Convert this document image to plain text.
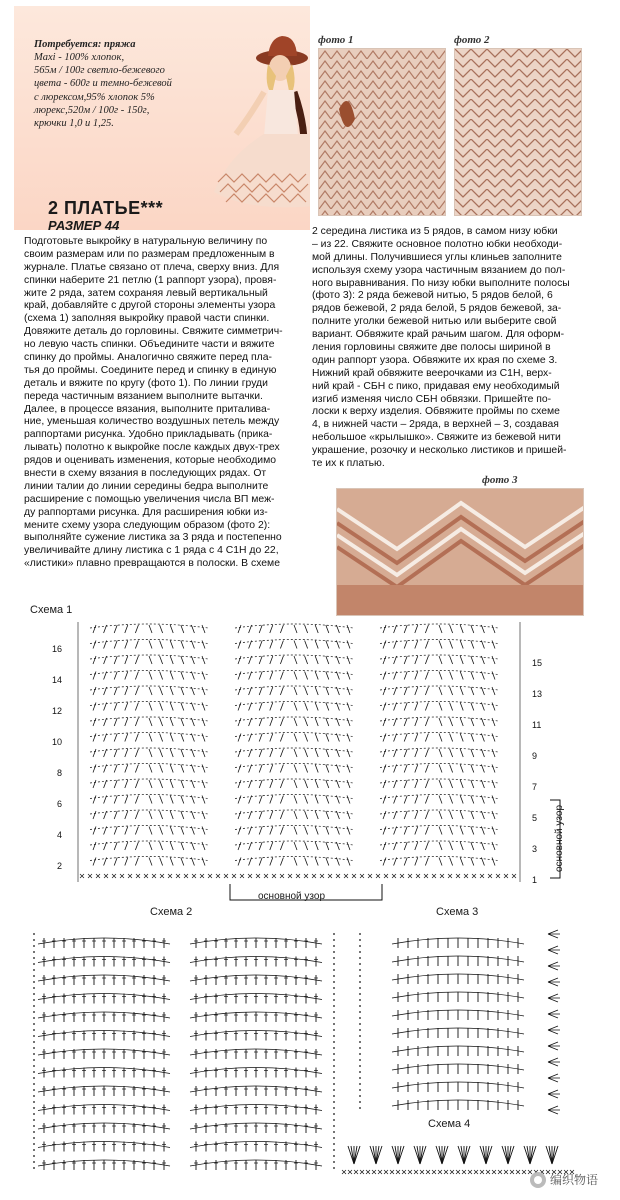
Потребуется: пряжа
Maxi - 100% хлопок,
565м / 100г светло-бежевого
цвета - 600г и темно-бежевой
с люрексом,95% хлопок 5%
люрекс,520м / 100г - 150г,
крючки 1,0 и 1,25.
2 ПЛАТЬЕ***
РАЗМЕР 44
фото 1	фото 2
фото 3
Подготовьте выкройку в натуральную величину по
своим размерам или по размерам предложенным в
журнале. Платье связано от плеча, сверху вниз. Для
спинки наберите 21 петлю (1 раппорт узора), провя-
жите 2 ряда, затем сохраняя левый вертикальный
край, добавляйте с другой стороны элементы узора
(схема 1) заполняя выкройку правой части спинки.
Довяжите деталь до горловины. Свяжите симметрич-
но левую часть спинки. Объедините части и вяжите
спинку до проймы. Аналогично свяжите перед пла-
тья до проймы. Соедините перед и спинку в единую
деталь и вяжите по кругу (фото 1). По линии груди
переда частичным вязанием выполните вытачки.
Далее, в процессе вязания, выполните приталива-
ние, уменьшая количество воздушных петель между
раппортами рисунка. Удобно прикладывать (прика-
лывать) полотно к выкройке после каждых двух-трех
рядов и оценивать изменения, которые необходимо
внести в схему вязания в последующих рядах. От
линии талии до линии середины бедра выполните
расширение с помощью увеличения числа ВП меж-
ду раппортами рисунка. Для расширения юбки из-
мените схему узора следующим образом (фото 2):
выполняйте сужение листика за 3 ряда и постепенно
увеличивайте длину листика с 1 ряда с 4 С1Н до 22,
«листики» плавно превращаются в полоски. В схеме
2 середина листика из 5 рядов, в самом низу юбки
– из 22. Свяжите основное полотно юбки необходи-
мой длины. Получившиеся углы клиньев заполните
используя схему узора частичным вязанием до пол-
ного выравнивания. По низу юбки выполните полосы
(фото 3): 2 ряда бежевой нитью, 5 рядов белой, 6
рядов бежевой, 2 ряда белой, 5 рядов бежевой, за-
полните уголки бежевой нитью или выберите свой
вариант. Обвяжите край рачьим шагом. Для оформ-
ления горловины свяжите две полосы шириной в
один раппорт узора. Обвяжите их края по схеме 3.
Нижний край обвяжите веерочками из С1Н, верх-
ний край - СБН с пико, придавая ему необходимый
изгиб изменяя число СБН обвязки. Пришейте по-
лоски к верху изделия. Обвяжите проймы по схеме
4, в нижней части – 2ряда, в верхней – 3, создавая
небольшое «крылышко». Свяжите из бежевой нити
украшение, розочку и несколько листиков и пришей-
те их к платью.
Схема 1
16
14
12
10
8
6
4
2
15
13
11
9
7
5
3
1
основной узор
основной узор
Схема 2	Схема 3
Схема 4
编织物语
